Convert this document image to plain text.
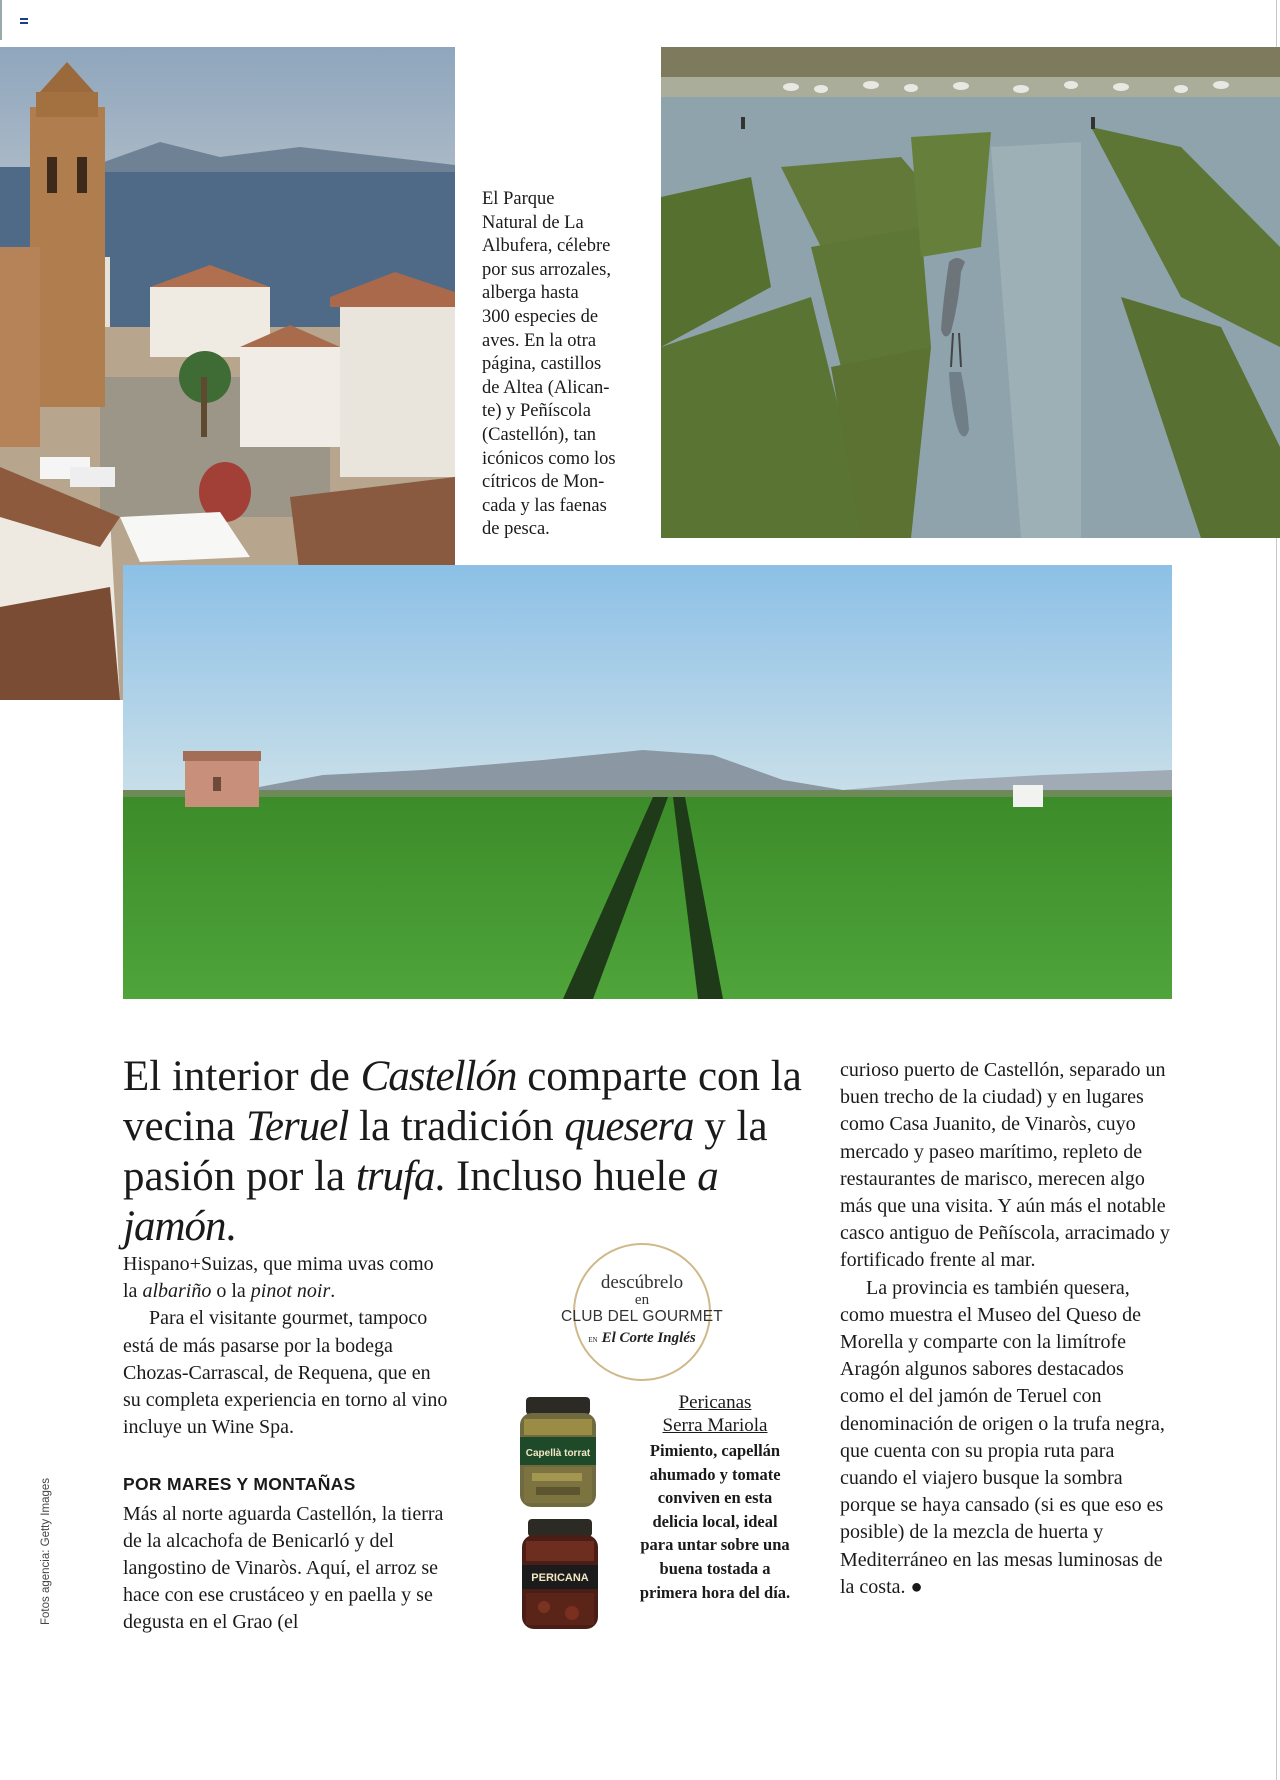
El Parque

Natural de La

Albufera, célebre

por sus arrozales,

alberga hasta

300 especies de

aves. En la otra

página, castillos

de Altea (Alican-

te) y Peñíscola

(Castellón), tan

icónicos como los

cítricos de Mon-

cada y las faenas

de pesca.

El interior de Castellón comparte con la vecina Teruel la tradición quesera y la pasión por la trufa. Incluso huele a jamón.

Hispano+Suizas, que mima uvas como la albariño o la pinot noir.

Para el visitante gourmet, tampoco está de más pasarse por la bodega Chozas-Carrascal, de Requena, que en su completa experiencia en torno al vino incluye un Wine Spa.

POR MARES Y MONTAÑAS

Más al norte aguarda Castellón, la tierra de la alcachofa de Benicarló y del langostino de Vinaròs. Aquí, el arroz se hace con ese crustáceo y en paella y se degusta en el Grao (el

Fotos agencia: Getty Images
descúbrelo
en
CLUB DEL GOURMET
EN El Corte Inglés
Capellà torrat
PERICANA
Pericanas
Serra Mariola
Pimiento, capellán ahumado y tomate conviven en esta delicia local, ideal para untar sobre una buena tostada a primera hora del día.

curioso puerto de Castellón, separado un buen trecho de la ciudad) y en lugares como Casa Juanito, de Vinaròs, cuyo mercado y paseo marítimo, repleto de restaurantes de marisco, merecen algo más que una visita. Y aún más el notable casco antiguo de Peñíscola, arracimado y fortificado frente al mar.

La provincia es también quesera, como muestra el Museo del Queso de Morella y comparte con la limítrofe Aragón algunos sabores destacados como el del jamón de Teruel con denominación de origen o la trufa negra, que cuenta con su propia ruta para cuando el viajero busque la sombra porque se haya cansado (si es que eso es posible) de la mezcla de huerta y Mediterráneo en las mesas luminosas de la costa. ●
